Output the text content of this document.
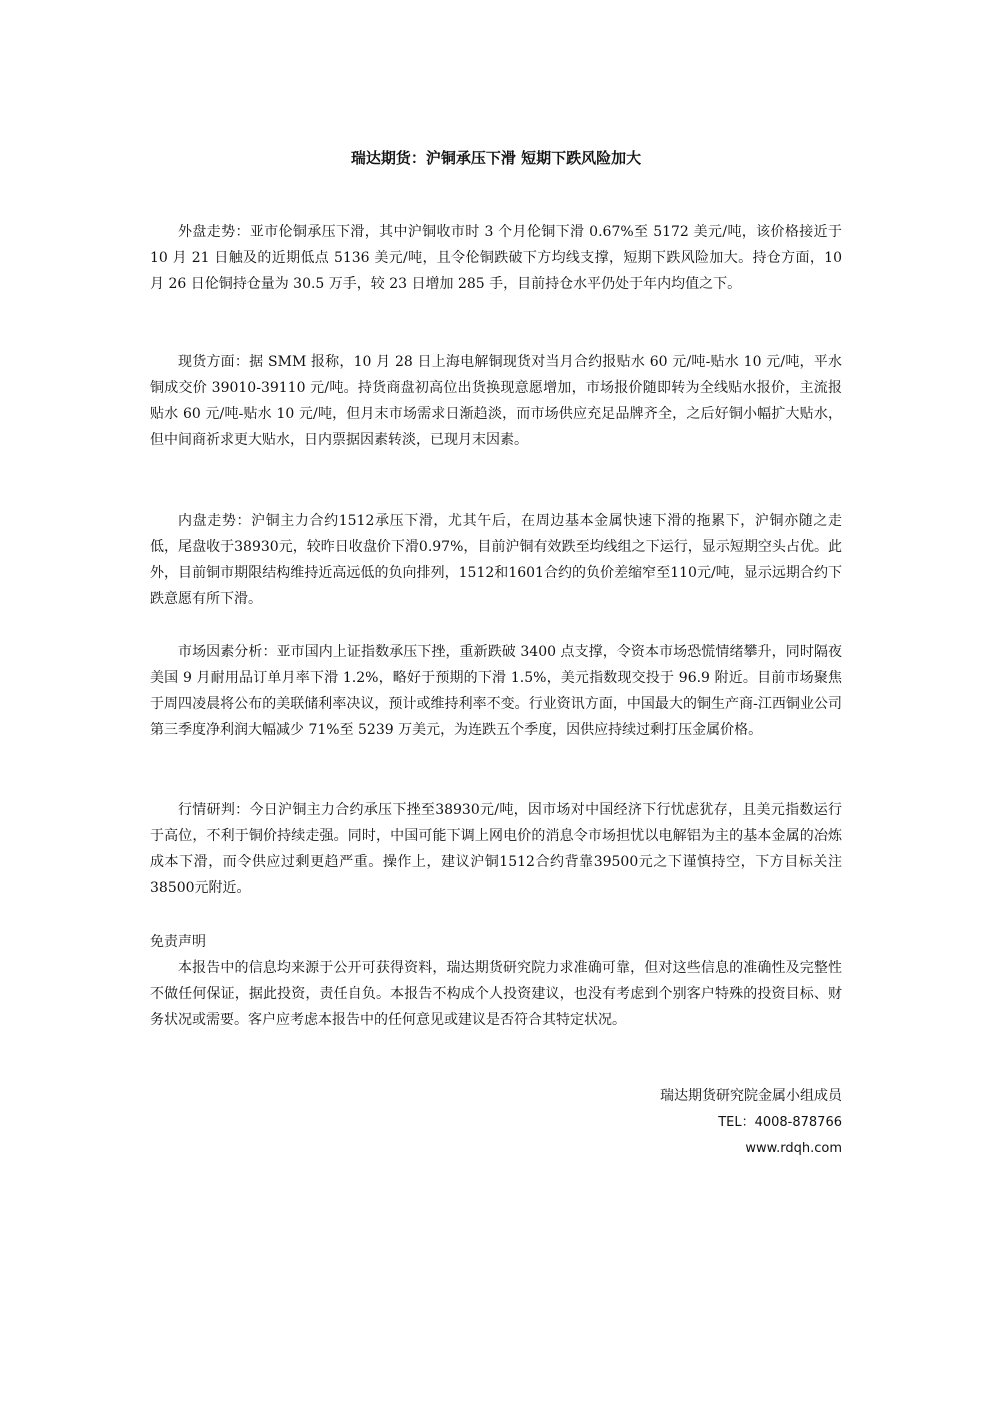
瑞达期货：沪铜承压下滑 短期下跌风险加大

外盘走势：亚市伦铜承压下滑，其中沪铜收市时 3 个月伦铜下滑 0.67%至 5172 美元/吨，该价格接近于 10 月 21 日触及的近期低点 5136 美元/吨，且令伦铜跌破下方均线支撑，短期下跌风险加大。持仓方面，10 月 26 日伦铜持仓量为 30.5 万手，较 23 日增加 285 手，目前持仓水平仍处于年内均值之下。

现货方面：据 SMM 报称，10 月 28 日上海电解铜现货对当月合约报贴水 60 元/吨-贴水 10 元/吨，平水铜成交价 39010-39110 元/吨。持货商盘初高位出货换现意愿增加，市场报价随即转为全线贴水报价，主流报贴水 60 元/吨-贴水 10 元/吨，但月末市场需求日渐趋淡，而市场供应充足品牌齐全，之后好铜小幅扩大贴水，但中间商祈求更大贴水，日内票据因素转淡，已现月末因素。

内盘走势：沪铜主力合约1512承压下滑，尤其午后，在周边基本金属快速下滑的拖累下，沪铜亦随之走低，尾盘收于38930元，较昨日收盘价下滑0.97%，目前沪铜有效跌至均线组之下运行，显示短期空头占优。此外，目前铜市期限结构维持近高远低的负向排列，1512和1601合约的负价差缩窄至110元/吨，显示远期合约下跌意愿有所下滑。

市场因素分析：亚市国内上证指数承压下挫，重新跌破 3400 点支撑，令资本市场恐慌情绪攀升，同时隔夜美国 9 月耐用品订单月率下滑 1.2%，略好于预期的下滑 1.5%，美元指数现交投于 96.9 附近。目前市场聚焦于周四凌晨将公布的美联储利率决议，预计或维持利率不变。行业资讯方面，中国最大的铜生产商-江西铜业公司第三季度净利润大幅减少 71%至 5239 万美元，为连跌五个季度，因供应持续过剩打压金属价格。

行情研判：今日沪铜主力合约承压下挫至38930元/吨，因市场对中国经济下行忧虑犹存，且美元指数运行于高位，不利于铜价持续走强。同时，中国可能下调上网电价的消息令市场担忧以电解铝为主的基本金属的冶炼成本下滑，而令供应过剩更趋严重。操作上，建议沪铜1512合约背靠39500元之下谨慎持空，下方目标关注38500元附近。

免责声明

本报告中的信息均来源于公开可获得资料，瑞达期货研究院力求准确可靠，但对这些信息的准确性及完整性不做任何保证，据此投资，责任自负。本报告不构成个人投资建议，也没有考虑到个别客户特殊的投资目标、财务状况或需要。客户应考虑本报告中的任何意见或建议是否符合其特定状况。

瑞达期货研究院金属小组成员
TEL：4008-878766
www.rdqh.com
